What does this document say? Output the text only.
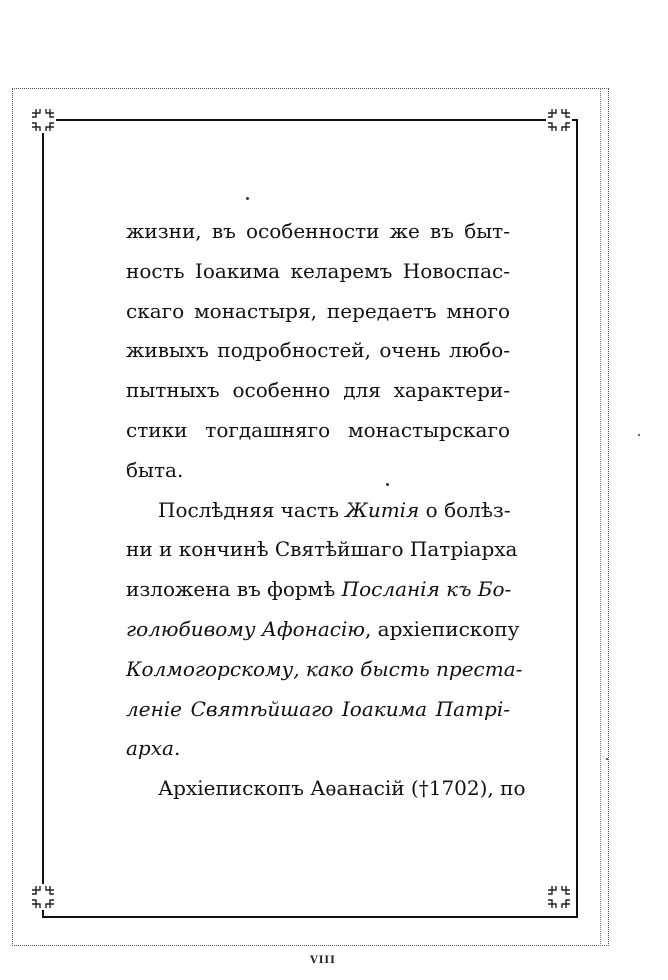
жизни, въ особенности же въ быт-
ность Іоакима келаремъ Новоспас-
скаго монастыря, передаетъ много
живыхъ подробностей, очень любо-
пытныхъ особенно для характери-
стики тогдашняго монастырскаго
быта.
Послѣдняя часть Житія о болѣз-
ни и кончинѣ Святѣйшаго Патріарха
изложена въ формѣ Посланія къ Бо-
голюбивому Афонасію, архіепископу
Колмогорскому, како бысть преста-
леніе Святѣйшаго Іоакима Патрі-
арха.
Архіепископъ Аѳанасій (†1702), по
VIII
